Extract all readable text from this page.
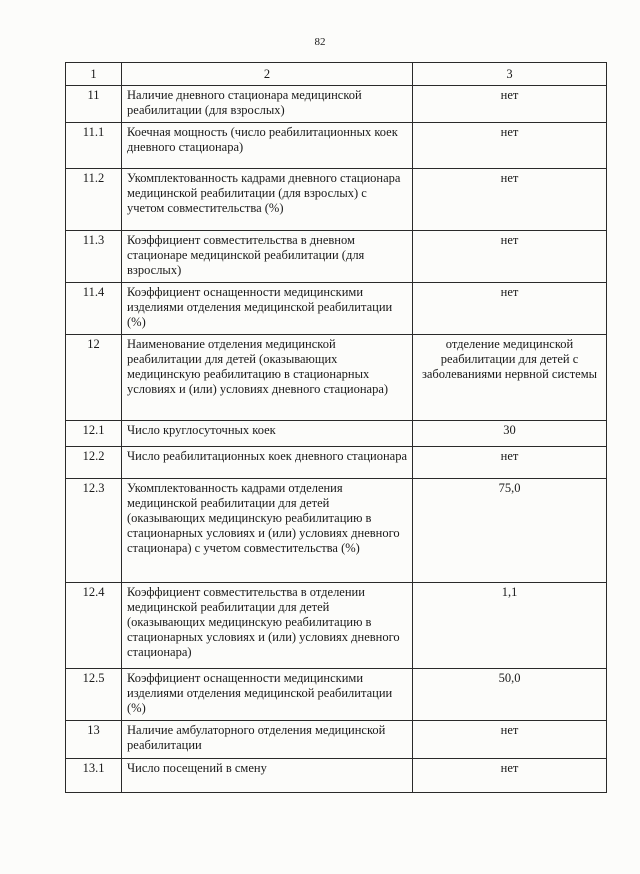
82
1	2	3
11	Наличие дневного стационара медицинской реабилитации (для взрослых)	нет
11.1	Коечная мощность (число реабилитационных коек дневного стационара)	нет
11.2	Укомплектованность кадрами дневного стационара медицинской реабилитации (для взрослых) с учетом совместительства (%)	нет
11.3	Коэффициент совместительства в дневном стационаре медицинской реабилитации (для взрослых)	нет
11.4	Коэффициент оснащенности медицинскими изделиями отделения медицинской реабилитации (%)	нет
12	Наименование отделения медицинской реабилитации для детей (оказывающих медицинскую реабилитацию в стационарных условиях и (или) условиях дневного стационара)	отделение медицинской реабилитации для детей с заболеваниями нервной системы
12.1	Число круглосуточных коек	30
12.2	Число реабилитационных коек дневного стационара	нет
12.3	Укомплектованность кадрами отделения медицинской реабилитации для детей (оказывающих медицинскую реабилитацию в стационарных условиях и (или) условиях дневного стационара) с учетом совместительства (%)	75,0
12.4	Коэффициент совместительства в отделении медицинской реабилитации для детей (оказывающих медицинскую реабилитацию в стационарных условиях и (или) условиях дневного стационара)	1,1
12.5	Коэффициент оснащенности медицинскими изделиями отделения медицинской реабилитации (%)	50,0
13	Наличие амбулаторного отделения медицинской реабилитации	нет
13.1	Число посещений в смену	нет
